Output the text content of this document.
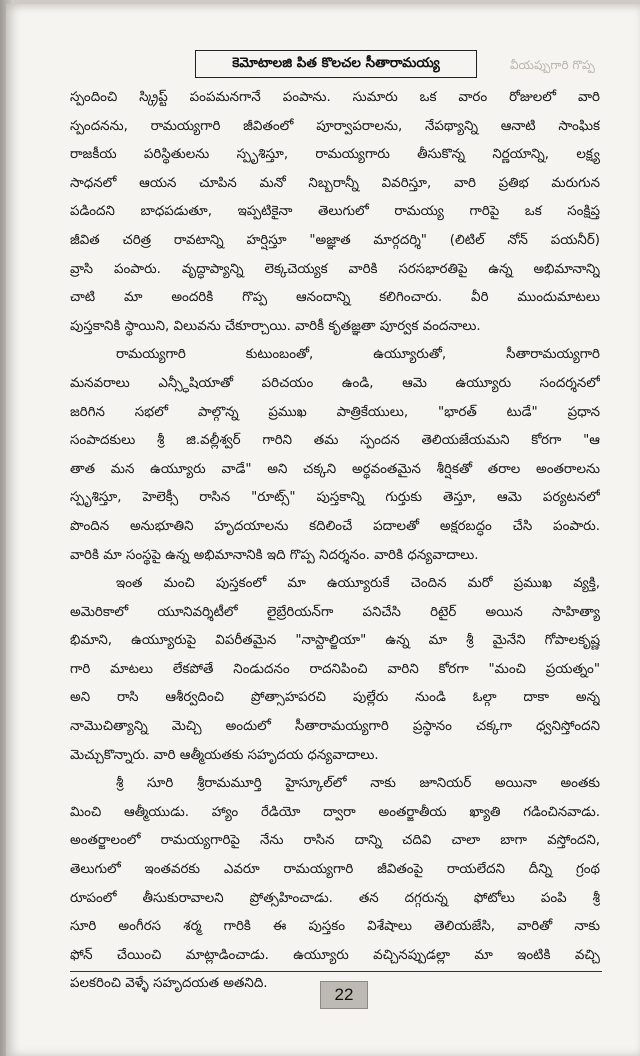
వీయప్పుగారి గొప్ప
కెమోటాలజి పిత కొలచల సీతారామయ్య
స్పందించి స్క్రిప్ట్ పంపమనగానే పంపాను. సుమారు ఒక వారం రోజులలో వారి
స్పందనను, రామయ్యగారి జీవితంలో పూర్వాపరాలను, నేపథ్యాన్ని ఆనాటి సాంఘిక
రాజకీయ పరిస్థితులను స్పృశిస్తూ, రామయ్యగారు తీసుకొన్న నిర్ణయాన్ని, లక్ష్య
సాధనలో ఆయన చూపిన మనో నిబ్బరాన్నీ వివరిస్తూ, వారి ప్రతిభ మరుగున
పడిందని బాధపడుతూ, ఇప్పటికైనా తెలుగులో రామయ్య గారిపై ఒక సంక్షిప్త
జీవిత చరిత్ర రావటాన్ని హర్షిస్తూ "అజ్ఞాత మార్గదర్శి" (లిటిల్ నోన్ పయనీర్)
వ్రాసి పంపారు. వృద్ధాప్యాన్ని లెక్కచెయ్యక వారికి సరసభారతిపై ఉన్న అభిమానాన్ని
చాటి మా అందరికి గొప్ప ఆనందాన్ని కలిగించారు. వీరి ముందుమాటలు
పుస్తకానికి స్థాయిని, విలువను చేకూర్చాయి. వారికీ కృతజ్ఞతా పూర్వక వందనాలు.
రామయ్యగారి కుటుంబంతో, ఉయ్యూరుతో, సీతారామయ్యగారి
మనవరాలు ఎన్స్ధీషియాతో పరిచయం ఉండి, ఆమె ఉయ్యూరు సందర్శనలో
జరిగిన సభలో పాల్గొన్న ప్రముఖ పాత్రికేయులు, "భారత్ టుడే" ప్రధాన
సంపాదకులు శ్రీ జి.వల్లీశ్వర్ గారిని తమ స్పందన తెలియజేయమని కోరగా "ఆ
తాత మన ఉయ్యూరు వాడే" అని చక్కని అర్థవంతమైన శీర్షికతో తరాల అంతరాలను
స్పృశిస్తూ, హెలెక్సీ రాసిన "రూట్స్" పుస్తకాన్ని గుర్తుకు తెస్తూ, ఆమె పర్యటనలో
పొందిన అనుభూతిని హృదయాలను కదిలించే పదాలతో అక్షరబద్ధం చేసి పంపారు.
వారికి మా సంస్థపై ఉన్న అభిమానానికి ఇది గొప్ప నిదర్శనం. వారికి ధన్యవాదాలు.
ఇంత మంచి పుస్తకంలో మా ఉయ్యూరుకే చెందిన మరో ప్రముఖ వ్యక్తి,
అమెరికాలో యూనివర్శిటీలో లైబ్రేరియన్‌గా పనిచేసి రిటైర్ అయిన సాహిత్యా
భిమాని, ఉయ్యూరుపై విపరీతమైన "నాస్టాల్జియా" ఉన్న మా శ్రీ మైనేని గోపాలకృష్ణ
గారి మాటలు లేకపోతే నిండుదనం రాదనిపించి వారిని కోరగా "మంచి ప్రయత్నం"
అని రాసి ఆశీర్వదించి ప్రోత్సాహపరచి పుల్లేరు నుండి ఓల్గా దాకా అన్న
నామొచిత్యాన్ని మెచ్చి అందులో సీతారామయ్యగారి ప్రస్థానం చక్కగా ధ్వనిస్తోందని
మెచ్చుకొన్నారు. వారి ఆత్మీయతకు సహృదయ ధన్యవాదాలు.
శ్రీ సూరి శ్రీరామమూర్తి హైస్కూల్‌లో నాకు జూనియర్ అయినా అంతకు
మించి ఆత్మీయుడు. హ్యాం రేడియో ద్వారా అంతర్జాతీయ ఖ్యాతి గడించినవాడు.
అంతర్జాలంలో రామయ్యగారిపై నేను రాసిన దాన్ని చదివి చాలా బాగా వస్తోందని,
తెలుగులో ఇంతవరకు ఎవరూ రామయ్యగారి జీవితంపై రాయలేదని దీన్ని గ్రంథ
రూపంలో తీసుకురావాలని ప్రోత్సహించాడు. తన దగ్గరున్న ఫోటోలు పంపి శ్రీ
సూరి అంగీరస శర్మ గారికి ఈ పుస్తకం విశేషాలు తెలియజేసి, వారితో నాకు
ఫోన్ చేయించి మాట్లాడించాడు. ఉయ్యూరు వచ్చినప్పుడల్లా మా ఇంటికి వచ్చి
పలకరించి వెళ్ళే సహృదయత అతనిది.
22
